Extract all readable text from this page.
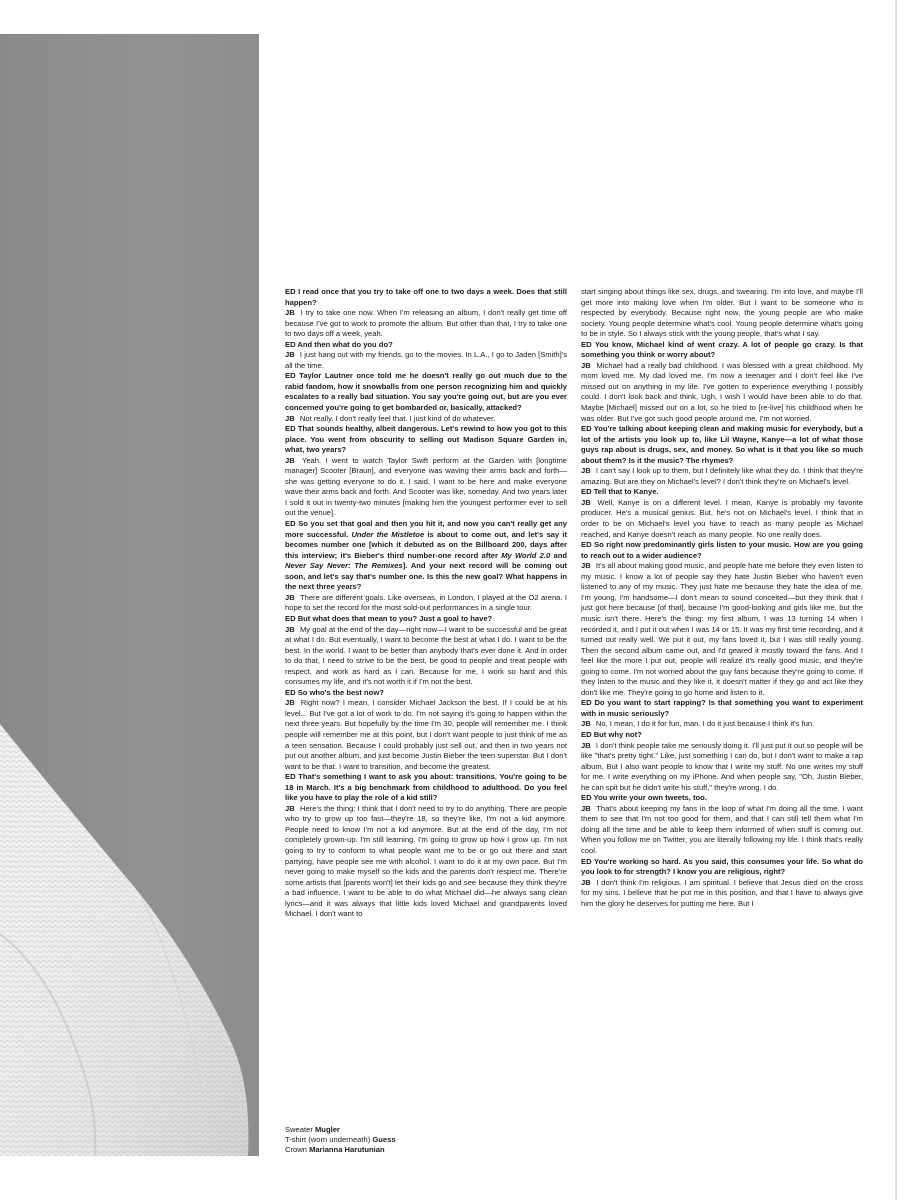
ED I read once that you try to take off one to two days a week. Does that still happen?

JB I try to take one now. When I'm releasing an album, I don't really get time off because I've got to work to promote the album. But other than that, I try to take one to two days off a week, yeah.

ED And then what do you do?

JB I just hang out with my friends, go to the movies. In L.A., I go to Jaden [Smith]'s all the time.

ED Taylor Lautner once told me he doesn't really go out much due to the rabid fandom, how it snowballs from one person recognizing him and quickly escalates to a really bad situation. You say you're going out, but are you ever concerned you're going to get bombarded or, basically, attacked?

JB Not really. I don't really feel that. I just kind of do whatever.

ED That sounds healthy, albeit dangerous. Let's rewind to how you got to this place. You went from obscurity to selling out Madison Square Garden in, what, two years?

JB Yeah. I went to watch Taylor Swift perform at the Garden with [longtime manager] Scooter [Braun], and everyone was waving their arms back and forth—she was getting everyone to do it. I said, I want to be here and make everyone wave their arms back and forth. And Scooter was like, someday. And two years later I sold it out in twenty-two minutes [making him the youngest performer ever to sell out the venue].

ED So you set that goal and then you hit it, and now you can't really get any more successful. Under the Mistletoe is about to come out, and let's say it becomes number one [which it debuted as on the Billboard 200, days after this interview; it's Bieber's third number-one record after My World 2.0 and Never Say Never: The Remixes]. And your next record will be coming out soon, and let's say that's number one. Is this the new goal? What happens in the next three years?

JB There are different goals. Like overseas, in London, I played at the O2 arena. I hope to set the record for the most sold-out performances in a single tour.

ED But what does that mean to you? Just a goal to have?

JB My goal at the end of the day—right now—I want to be successful and be great at what I do. But eventually, I want to become the best at what I do. I want to be the best. In the world. I want to be better than anybody that's ever done it. And in order to do that, I need to strive to be the best, be good to people and treat people with respect, and work as hard as I can. Because for me, I work so hard and this consumes my life, and it's not worth it if I'm not the best.

ED So who's the best now?

JB Right now? I mean, I consider Michael Jackson the best. If I could be at his level... But I've got a lot of work to do. I'm not saying it's going to happen within the next three years. But hopefully by the time I'm 30, people will remember me. I think people will remember me at this point, but I don't want people to just think of me as a teen sensation. Because I could probably just sell out, and then in two years not put out another album, and just become Justin Bieber the teen superstar. But I don't want to be that. I want to transition, and become the greatest.

ED That's something I want to ask you about: transitions. You're going to be 18 in March. It's a big benchmark from childhood to adulthood. Do you feel like you have to play the role of a kid still?

JB Here's the thing: I think that I don't need to try to do anything. There are people who try to grow up too fast—they're 18, so they're like, I'm not a kid anymore. People need to know I'm not a kid anymore. But at the end of the day, I'm not completely grown-up. I'm still learning. I'm going to grow up how I grow up. I'm not going to try to conform to what people want me to be or go out there and start partying, have people see me with alcohol. I want to do it at my own pace. But I'm never going to make myself so the kids and the parents don't respect me. There're some artists that [parents won't] let their kids go and see because they think they're a bad influence. I want to be able to do what Michael did—he always sang clean lyrics—and it was always that little kids loved Michael and grandparents loved Michael. I don't want to

start singing about things like sex, drugs, and swearing. I'm into love, and maybe I'll get more into making love when I'm older. But I want to be someone who is respected by everybody. Because right now, the young people are who make society. Young people determine what's cool. Young people determine what's going to be in style. So I always stick with the young people, that's what I say.

ED You know, Michael kind of went crazy. A lot of people go crazy. Is that something you think or worry about?

JB Michael had a really bad childhood. I was blessed with a great childhood. My mom loved me. My dad loved me. I'm now a teenager and I don't feel like I've missed out on anything in my life. I've gotten to experience everything I possibly could. I don't look back and think, Ugh, I wish I would have been able to do that. Maybe [Michael] missed out on a lot, so he tried to [re-live] his childhood when he was older. But I've got such good people around me, I'm not worried.

ED You're talking about keeping clean and making music for everybody, but a lot of the artists you look up to, like Lil Wayne, Kanye—a lot of what those guys rap about is drugs, sex, and money. So what is it that you like so much about them? Is it the music? The rhymes?

JB I can't say I look up to them, but I definitely like what they do. I think that they're amazing. But are they on Michael's level? I don't think they're on Michael's level.

ED Tell that to Kanye.

JB Well, Kanye is on a different level. I mean, Kanye is probably my favorite producer. He's a musical genius. But, he's not on Michael's level. I think that in order to be on Michael's level you have to reach as many people as Michael reached, and Kanye doesn't reach as many people. No one really does.

ED So right now predominantly girls listen to your music. How are you going to reach out to a wider audience?

JB It's all about making good music, and people hate me before they even listen to my music. I know a lot of people say they hate Justin Bieber who haven't even listened to any of my music. They just hate me because they hate the idea of me. I'm young, I'm handsome—I don't mean to sound conceited—but they think that I just got here because [of that], because I'm good-looking and girls like me, but the music isn't there. Here's the thing: my first album, I was 13 turning 14 when I recorded it, and I put it out when I was 14 or 15. It was my first time recording, and it turned out really well. We put it out, my fans loved it, but I was still really young. Then the second album came out, and I'd geared it mostly toward the fans. And I feel like the more I put out, people will realize it's really good music, and they're going to come. I'm not worried about the guy fans because they're going to come. If they listen to the music and they like it, it doesn't matter if they go and act like they don't like me. They're going to go home and listen to it.

ED Do you want to start rapping? Is that something you want to experiment with in music seriously?

JB No, I mean, I do it for fun, man. I do it just because I think it's fun.

ED But why not?

JB I don't think people take me seriously doing it. I'll just put it out so people will be like "that's pretty tight." Like, just something I can do, but I don't want to make a rap album. But I also want people to know that I write my stuff. No one writes my stuff for me. I write everything on my iPhone. And when people say, "Oh, Justin Bieber, he can spit but he didn't write his stuff," they're wrong. I do.

ED You write your own tweets, too.

JB That's about keeping my fans in the loop of what I'm doing all the time. I want them to see that I'm not too good for them, and that I can still tell them what I'm doing all the time and be able to keep them informed of when stuff is coming out. When you follow me on Twitter, you are literally following my life. I think that's really cool.

ED You're working so hard. As you said, this consumes your life. So what do you look to for strength? I know you are religious, right?

JB I don't think I'm religious. I am spiritual. I believe that Jesus died on the cross for my sins. I believe that he put me in this position, and that I have to always give him the glory he deserves for putting me here. But I

Sweater Mugler
T-shirt (worn underneath) Guess
Crown Marianna Harutunian
